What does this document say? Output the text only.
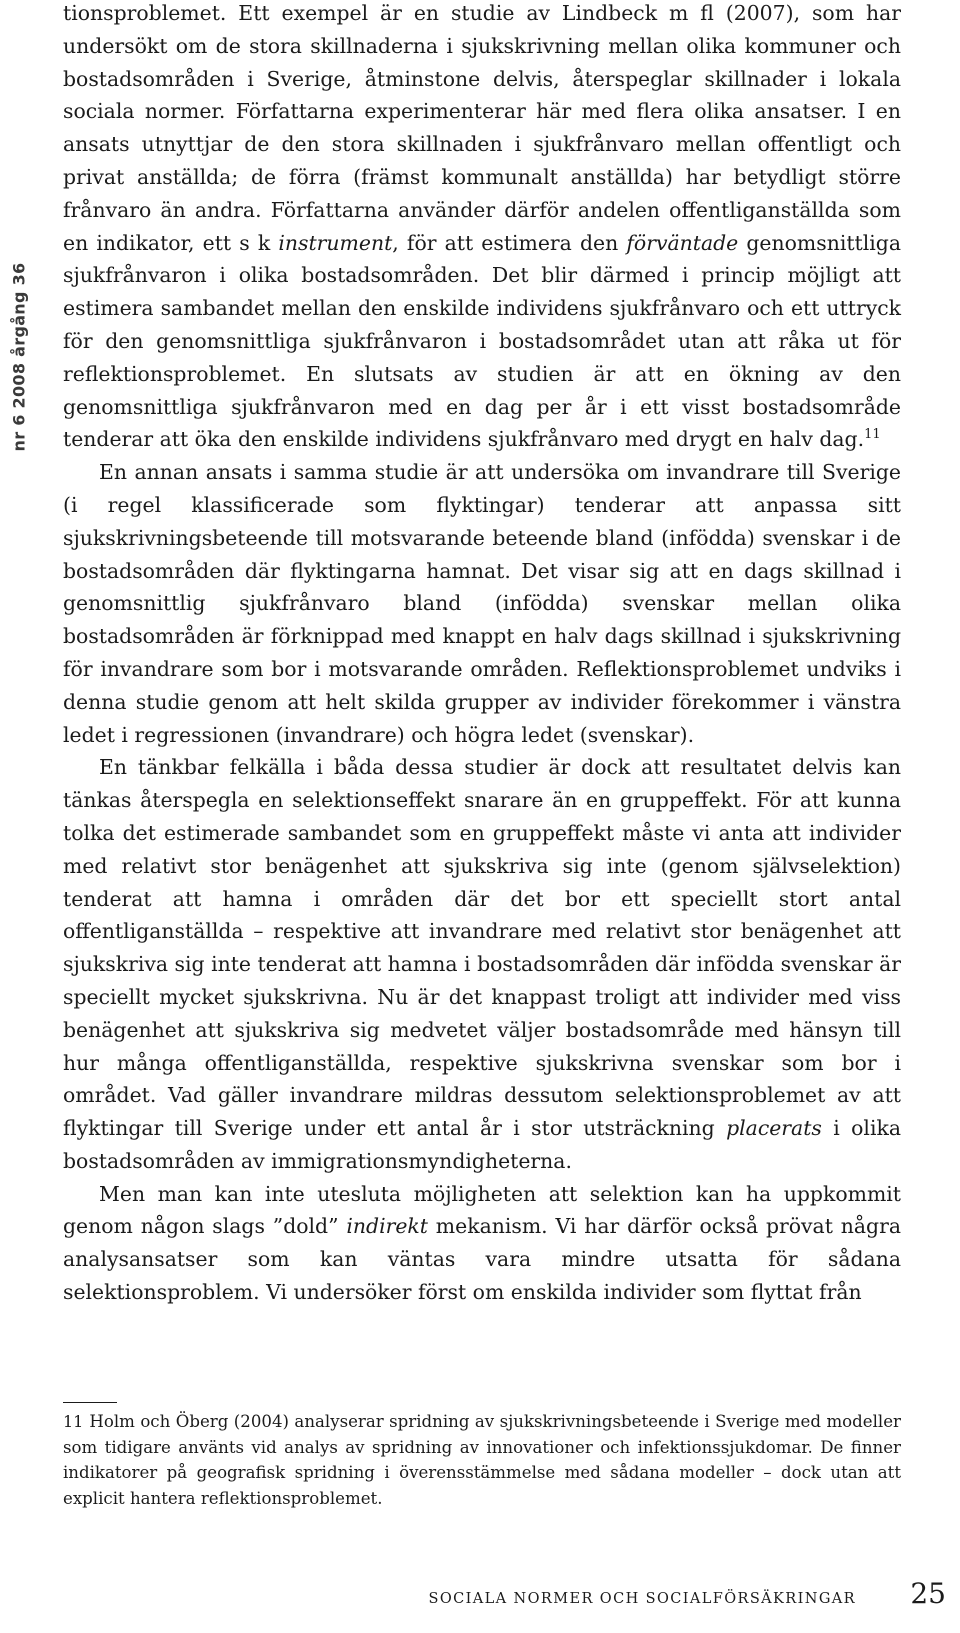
nr 6 2008 årgång 36

tionsproblemet. Ett exempel är en studie av Lindbeck m fl (2007), som har undersökt om de stora skillnaderna i sjukskrivning mellan olika kommuner och bostadsområden i Sverige, åtminstone delvis, återspeglar skillnader i lokala sociala normer. Författarna experimenterar här med flera olika ansatser. I en ansats utnyttjar de den stora skillnaden i sjukfrånvaro mellan offentligt och privat anställda; de förra (främst kommunalt anställda) har betydligt större frånvaro än andra. Författarna använder därför andelen offentliganställda som en indikator, ett s k instrument, för att estimera den förväntade genomsnittliga sjukfrånvaron i olika bostadsområden. Det blir därmed i princip möjligt att estimera sambandet mellan den enskilde individens sjukfrånvaro och ett uttryck för den genomsnittliga sjukfrånvaron i bostadsområdet utan att råka ut för reflektionsproblemet. En slutsats av studien är att en ökning av den genomsnittliga sjukfrånvaron med en dag per år i ett visst bostadsområde tenderar att öka den enskilde individens sjukfrånvaro med drygt en halv dag.$^{11}$

En annan ansats i samma studie är att undersöka om invandrare till Sverige (i regel klassificerade som flyktingar) tenderar att anpassa sitt sjukskrivningsbeteende till motsvarande beteende bland (infödda) svenskar i de bostadsområden där flyktingarna hamnat. Det visar sig att en dags skillnad i genomsnittlig sjukfrånvaro bland (infödda) svenskar mellan olika bostadsområden är förknippad med knappt en halv dags skillnad i sjukskrivning för invandrare som bor i motsvarande områden. Reflektionsproblemet undviks i denna studie genom att helt skilda grupper av individer förekommer i vänstra ledet i regressionen (invandrare) och högra ledet (svenskar).

En tänkbar felkälla i båda dessa studier är dock att resultatet delvis kan tänkas återspegla en selektionseffekt snarare än en gruppeffekt. För att kunna tolka det estimerade sambandet som en gruppeffekt måste vi anta att individer med relativt stor benägenhet att sjukskriva sig inte (genom självselektion) tenderat att hamna i områden där det bor ett speciellt stort antal offentliganställda – respektive att invandrare med relativt stor benägenhet att sjukskriva sig inte tenderat att hamna i bostadsområden där infödda svenskar är speciellt mycket sjukskrivna. Nu är det knappast troligt att individer med viss benägenhet att sjukskriva sig medvetet väljer bostadsområde med hänsyn till hur många offentliganställda, respektive sjukskrivna svenskar som bor i området. Vad gäller invandrare mildras dessutom selektionsproblemet av att flyktingar till Sverige under ett antal år i stor utsträckning placerats i olika bostadsområden av immigrationsmyndigheterna.

Men man kan inte utesluta möjligheten att selektion kan ha uppkommit genom någon slags ”dold” indirekt mekanism. Vi har därför också prövat några analysansatser som kan väntas vara mindre utsatta för sådana selektionsproblem. Vi undersöker först om enskilda individer som flyttat från

11 Holm och Öberg (2004) analyserar spridning av sjukskrivningsbeteende i Sverige med modeller som tidigare använts vid analys av spridning av innovationer och infektionssjukdomar. De finner indikatorer på geografisk spridning i överensstämmelse med sådana modeller – dock utan att explicit hantera reflektionsproblemet.
SOCIALA NORMER OCH SOCIALFÖRSÄKRINGAR 25
